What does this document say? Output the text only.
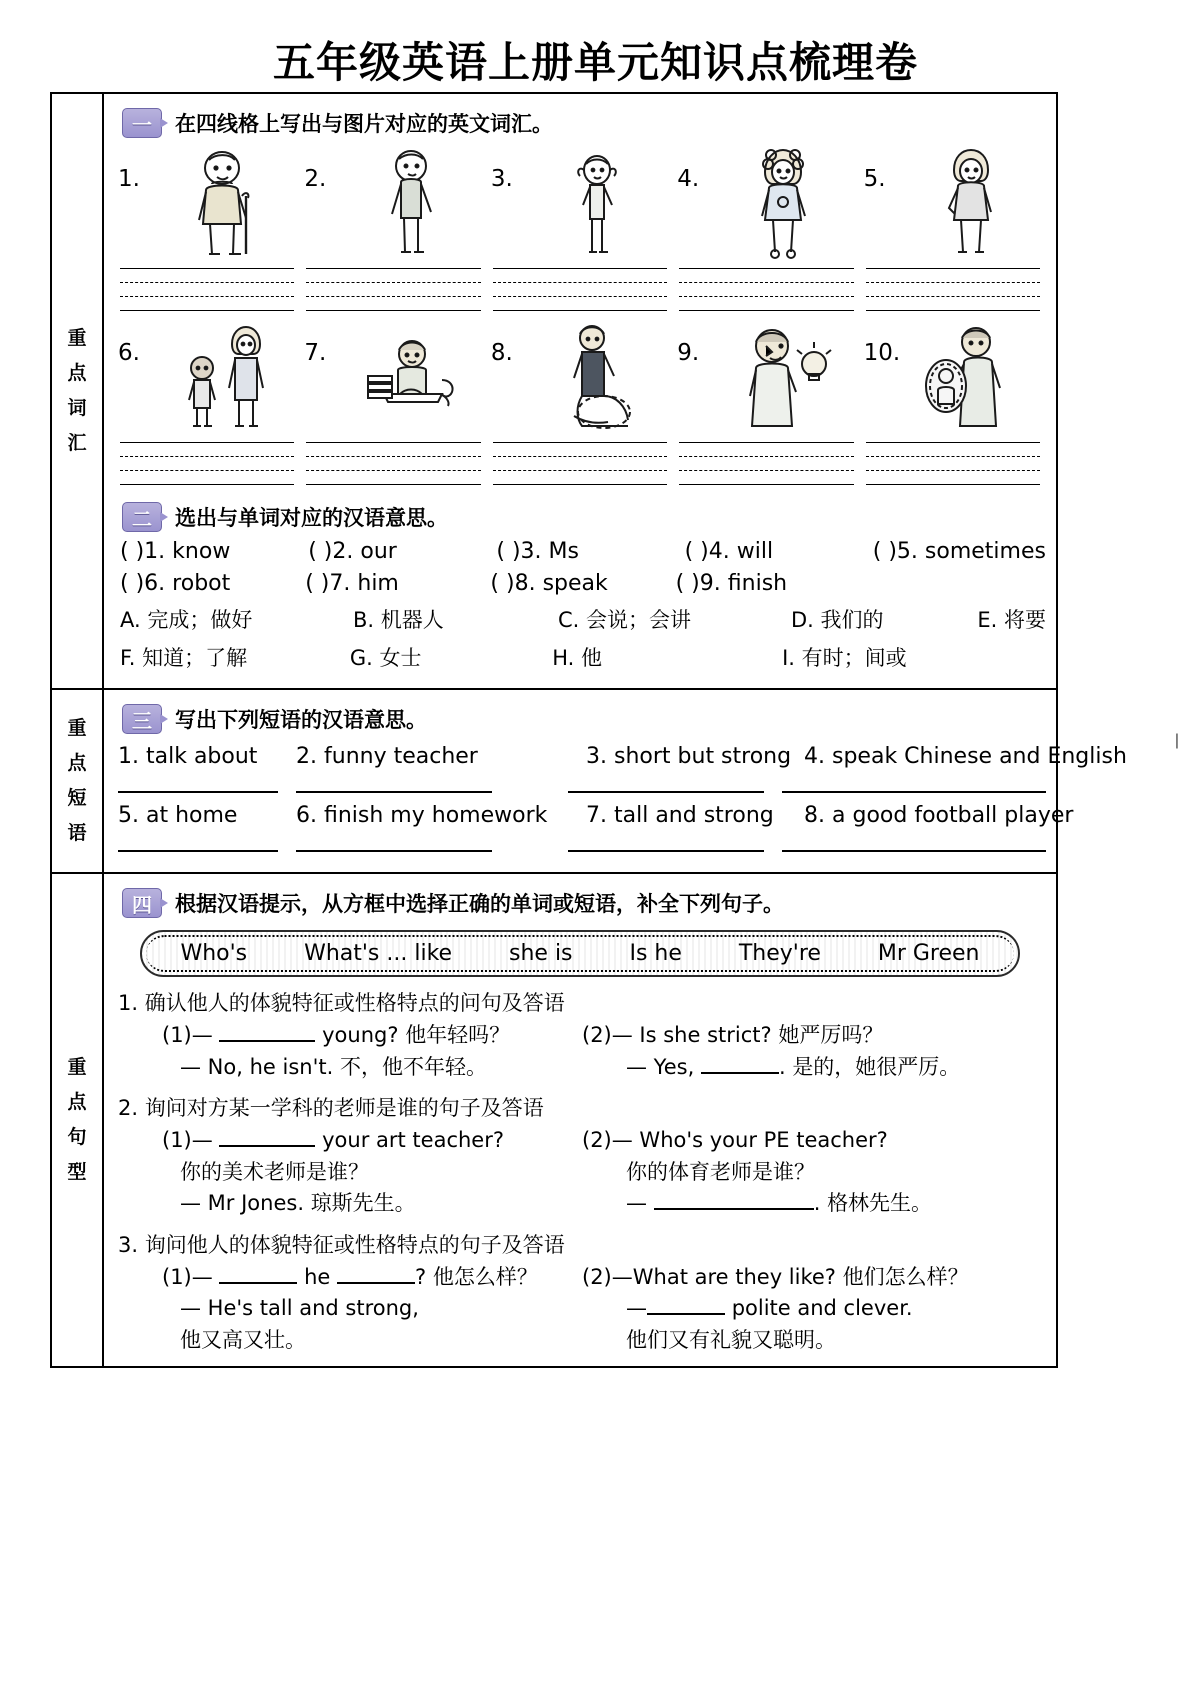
五年级英语上册单元知识点梳理卷
重
点
词
汇
一	在四线格上写出与图片对应的英文词汇。
1.	2.	3.	4.	5.
6.	7.	8.	9.	10.
二	选出与单词对应的汉语意思。
( )1. know	( )2. our	( )3. Ms	( )4. will	( )5. sometimes
( )6. robot	( )7. him	( )8. speak	( )9. finish
A. 完成；做好	B. 机器人	C. 会说；会讲	D. 我们的	E. 将要
F. 知道；了解	G. 女士	H. 他	I. 有时；间或
重
点
短
语
三	写出下列短语的汉语意思。
1. talk about	2. funny teacher	3. short but strong 4. speak Chinese and English
5. at home	6. finish my homework	7. tall and strong	8. a good football player
重
点
句
型
四	根据汉语提示，从方框中选择正确的单词或短语，补全下列句子。
Who's	What's ... like	she is	Is he	They're	Mr Green
1. 确认他人的体貌特征或性格特点的问句及答语
(1)—	young? 他年轻吗？
— No, he isn't. 不，他不年轻。
(2)— Is she strict? 她严厉吗？
— Yes,	. 是的，她很严厉。
2. 询问对方某一学科的老师是谁的句子及答语
(1)—	your art teacher?
你的美术老师是谁？
— Mr Jones. 琼斯先生。
(2)— Who's your PE teacher?
你的体育老师是谁？
—	. 格林先生。
3. 询问他人的体貌特征或性格特点的句子及答语
(1)—	he	? 他怎么样？
— He's tall and strong,
他又高又壮。
(2)—What are they like? 他们怎么样？
—	polite and clever.
他们又有礼貌又聪明。
|
